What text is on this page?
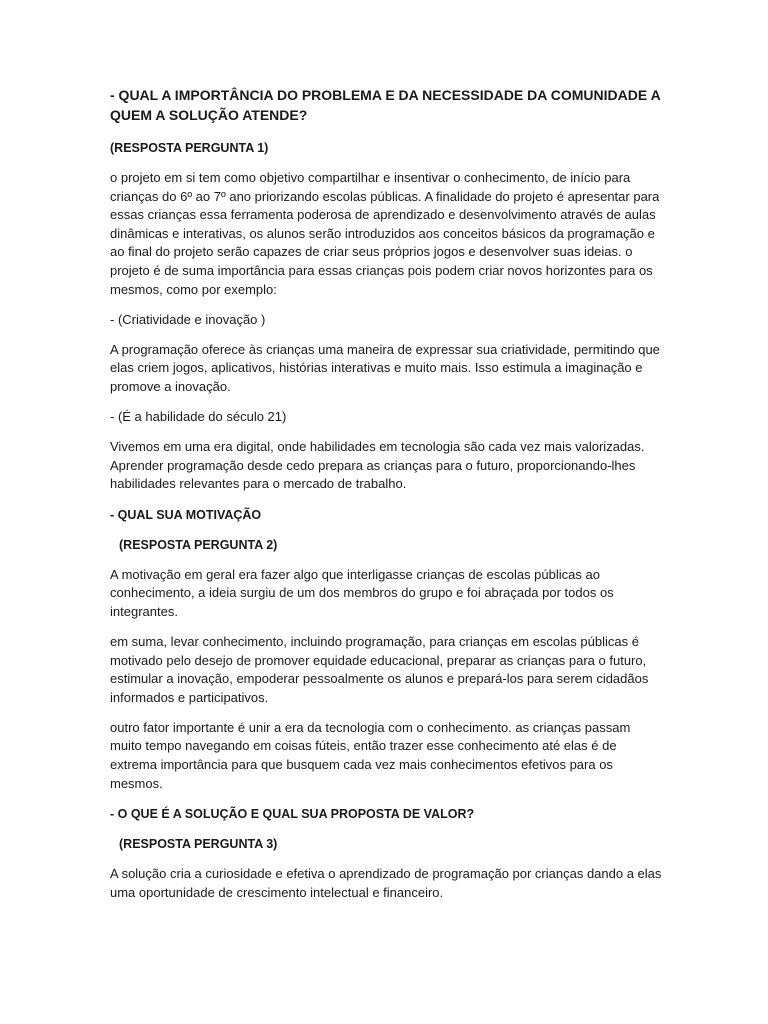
- QUAL A IMPORTÂNCIA DO PROBLEMA E DA NECESSIDADE DA COMUNIDADE A QUEM A SOLUÇÃO ATENDE?

(RESPOSTA PERGUNTA 1)

o projeto em si tem como objetivo compartilhar e insentivar o conhecimento, de início para crianças do 6º ao 7º ano priorizando escolas públicas. A finalidade do projeto é apresentar para essas crianças essa ferramenta poderosa de aprendizado e desenvolvimento através de aulas dinâmicas e interativas, os alunos serão introduzidos aos conceitos básicos da programação e ao final do projeto serão capazes de criar seus próprios jogos e desenvolver suas ideias. o projeto é de suma importância para essas crianças pois podem criar novos horizontes para os mesmos, como por exemplo:

- (Criatividade e inovação )

A programação oferece às crianças uma maneira de expressar sua criatividade, permitindo que elas criem jogos, aplicativos, histórias interativas e muito mais. Isso estimula a imaginação e promove a inovação.

- (É a habilidade do século 21)

Vivemos em uma era digital, onde habilidades em tecnologia são cada vez mais valorizadas. Aprender programação desde cedo prepara as crianças para o futuro, proporcionando-lhes habilidades relevantes para o mercado de trabalho.

- QUAL SUA MOTIVAÇÃO

(RESPOSTA PERGUNTA 2)

A motivação em geral era fazer algo que interligasse crianças de escolas públicas ao conhecimento, a ideia surgiu de um dos membros do grupo e foi abraçada por todos os integrantes.

em suma, levar conhecimento, incluindo programação, para crianças em escolas públicas é motivado pelo desejo de promover equidade educacional, preparar as crianças para o futuro, estimular a inovação, empoderar pessoalmente os alunos e prepará-los para serem cidadãos informados e participativos.

outro fator importante é unir a era da tecnologia com o conhecimento. as crianças passam muito tempo navegando em coisas fúteis, então trazer esse conhecimento até elas é de extrema importância para que busquem cada vez mais conhecimentos efetivos para os mesmos.

- O QUE É A SOLUÇÃO E QUAL SUA PROPOSTA DE VALOR?

(RESPOSTA PERGUNTA 3)

A solução cria a curiosidade e efetiva o aprendizado de programação por crianças dando a elas uma oportunidade de crescimento intelectual e financeiro.
